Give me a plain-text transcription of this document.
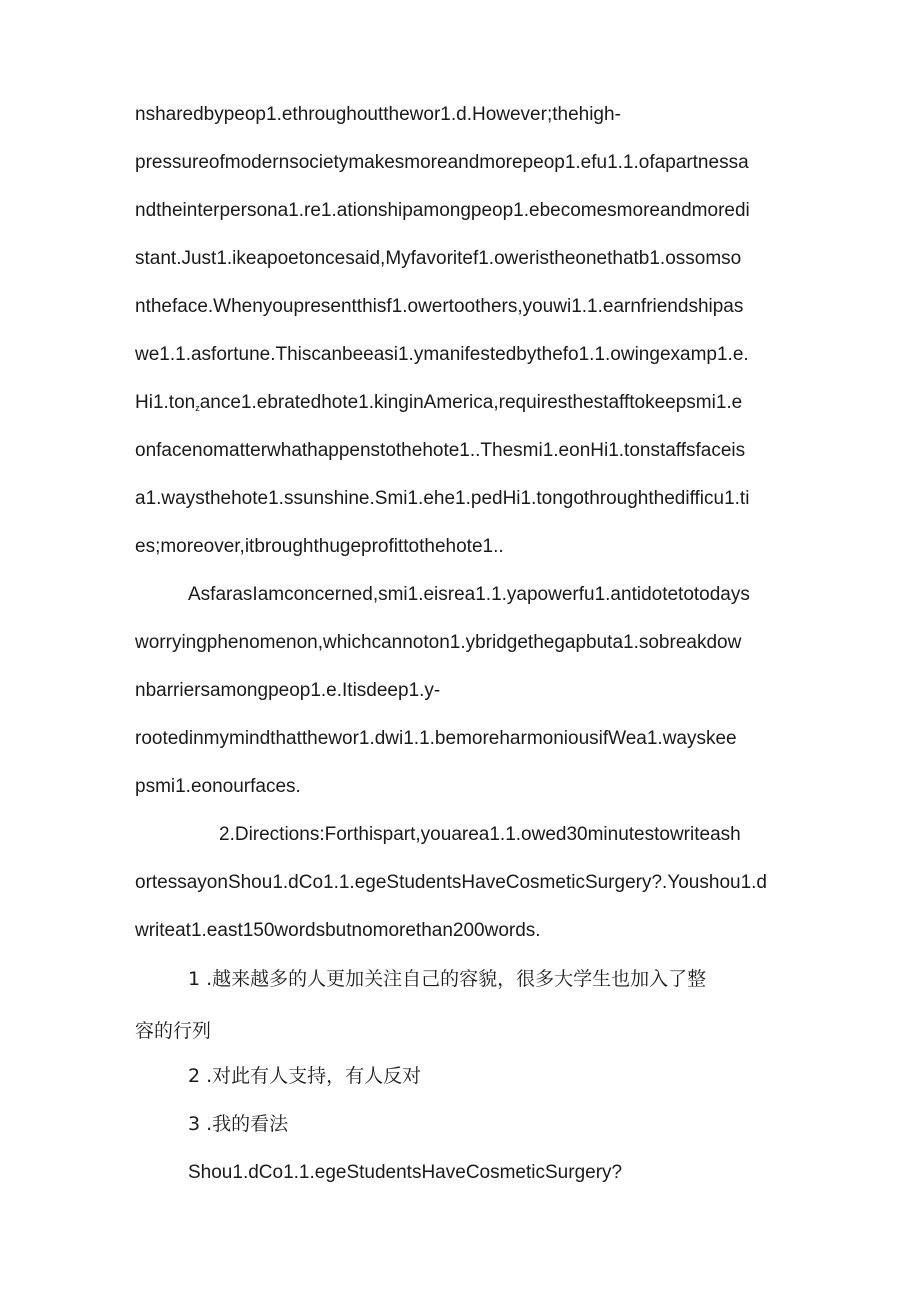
nsharedbypeop1.ethroughoutthewor1.d.However;thehigh-
pressureofmodernsocietymakesmoreandmorepeop1.efu1.1.ofapartnessa
ndtheinterpersona1.re1.ationshipamongpeop1.ebecomesmoreandmoredi
stant.Just1.ikeapoetoncesaid,Myfavoritef1.oweristheonethatb1.ossomso
ntheface.Whenyoupresentthisf1.owertoothers,youwi1.1.earnfriendshipas
we1.1.asfortune.Thiscanbeeasi1.ymanifestedbythefo1.1.owingexamp1.e.
Hi1.tonzance1.ebratedhote1.kinginAmerica,requiresthestafftokeepsmi1.e
onfacenomatterwhathappenstothehote1..Thesmi1.eonHi1.tonstaffsfaceis
a1.waysthehote1.ssunshine.Smi1.ehe1.pedHi1.tongothroughthedifficu1.ti
es;moreover,itbroughthugeprofittothehote1..
AsfarasIamconcerned,smi1.eisrea1.1.yapowerfu1.antidotetotodays
worryingphenomenon,whichcannoton1.ybridgethegapbuta1.sobreakdow
nbarriersamongpeop1.e.Itisdeep1.y-
rootedinmymindthatthewor1.dwi1.1.bemoreharmoniousifWea1.wayskee
psmi1.eonourfaces.
2.Directions:Forthispart,youarea1.1.owed30minutestowriteash
ortessayonShou1.dCo1.1.egeStudentsHaveCosmeticSurgery?.Youshou1.d
writeat1.east150wordsbutnomorethan200words.
1 .越来越多的人更加关注自己的容貌，很多大学生也加入了整
容的行列
2 .对此有人支持，有人反对
3 .我的看法
Shou1.dCo1.1.egeStudentsHaveCosmeticSurgery?
